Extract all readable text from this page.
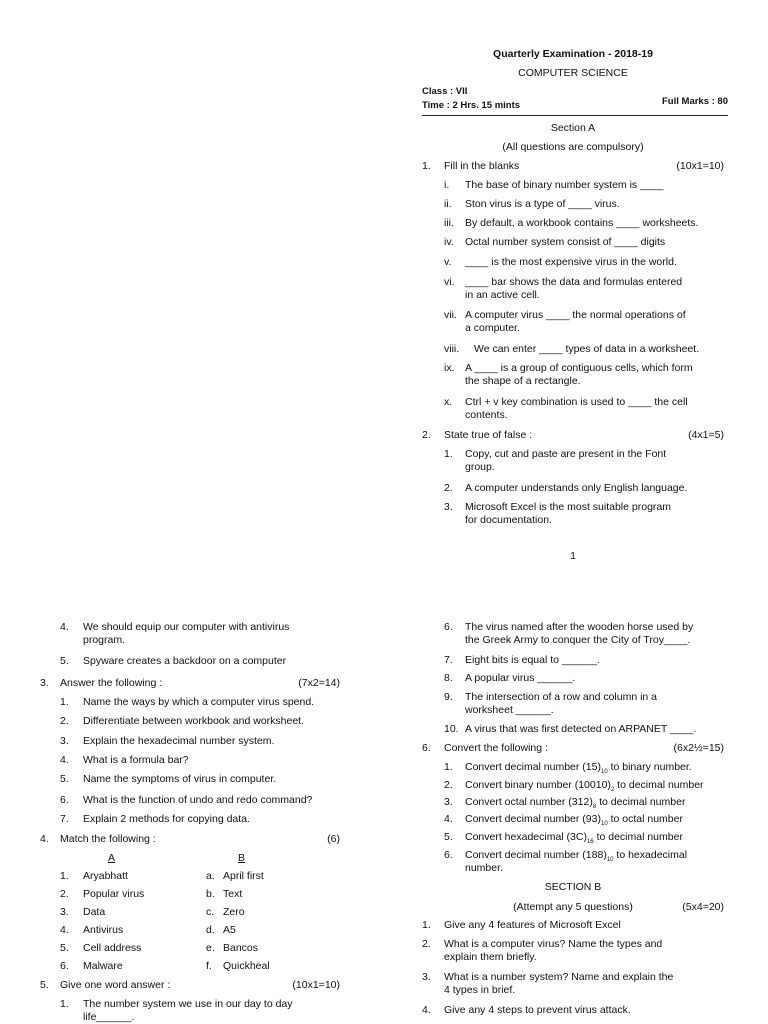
Quarterly Examination - 2018-19
COMPUTER SCIENCE
Class : VII
Time : 2 Hrs. 15 mints	Full Marks : 80
Section A
(All questions are compulsory)
1. Fill in the blanks	(10x1=10)
i. The base of binary number system is ____
ii. Ston virus is a type of ____ virus.
iii. By default, a workbook contains ____ worksheets.
iv. Octal number system consist of ____ digits
v. ____ is the most expensive virus in the world.
vi. ____ bar shows the data and formulas entered
in an active cell.
vii. A computer virus ____ the normal operations of
a computer.
viii. We can enter ____ types of data in a worksheet.
ix. A ____ is a group of contiguous cells, which form
the shape of a rectangle.
x. Ctrl + v key combination is used to ____ the cell
contents.
2. State true of false :	(4x1=5)
1. Copy, cut and paste are present in the Font
group.
2. A computer understands only English language.
3. Microsoft Excel is the most suitable program
for documentation.
1
4. We should equip our computer with antivirus
program.
5. Spyware creates a backdoor on a computer
3. Answer the following :	(7x2=14)
1. Name the ways by which a computer virus spend.
2. Differentiate between workbook and worksheet.
3. Explain the hexadecimal number system.
4. What is a formula bar?
5. Name the symptoms of virus in computer.
6. What is the function of undo and redo command?
7. Explain 2 methods for copying data.
4. Match the following :	(6)
A	B
1. Aryabhatt	a. April first
2. Popular virus	b. Text
3. Data	c. Zero
4. Antivirus	d. A5
5. Cell address	e. Bancos
6. Malware	f. Quickheal
5. Give one word answer :	(10x1=10)
1. The number system we use in our day to day
life______.
6. The virus named after the wooden horse used by
the Greek Army to conquer the City of Troy____.
7. Eight bits is equal to ______.
8. A popular virus ______.
9. The intersection of a row and column in a
worksheet ______.
10. A virus that was first detected on ARPANET ____.
6. Convert the following :	(6x2½=15)
1. Convert decimal number $(15)_{10}$ to binary number.
2. Convert binary number $(10010)_2$ to decimal number
3. Convert octal number $(312)_8$ to decimal number
4. Convert decimal number $(93)_{10}$ to octal number
5. Convert hexadecimal $(3C)_{16}$ to decimal number
6. Convert decimal number $(188)_{10}$ to hexadecimal
number.
SECTION B
(Attempt any 5 questions)	(5x4=20)
1. Give any 4 features of Microsoft Excel
2. What is a computer virus? Name the types and
explain them briefly.
3. What is a number system? Name and explain the
4 types in brief.
4. Give any 4 steps to prevent virus attack.
